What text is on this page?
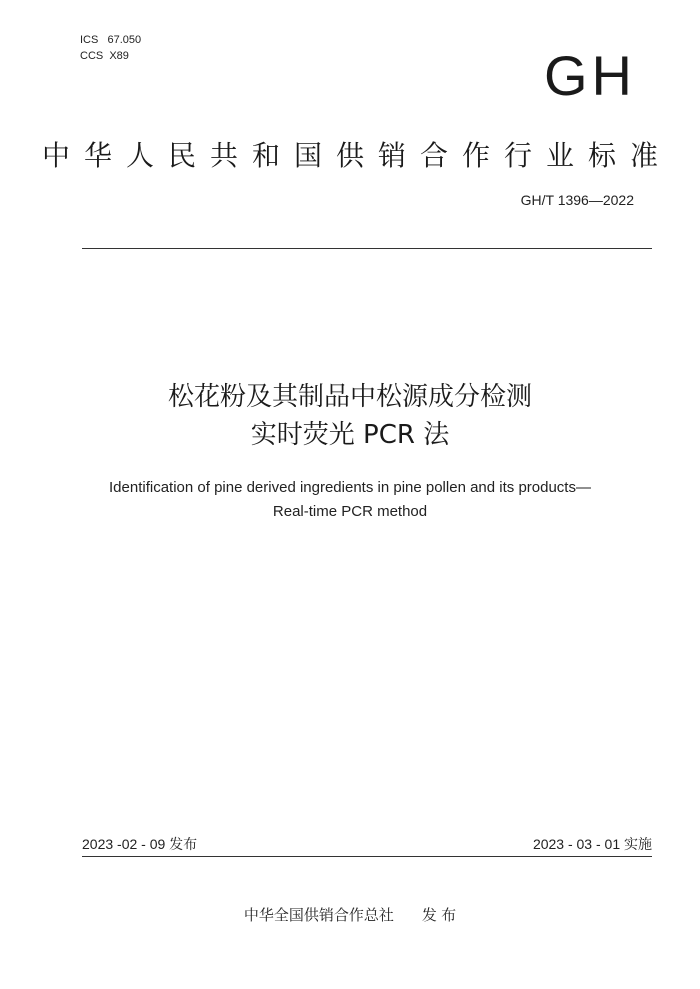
ICS   67.050
CCS  X89	GH
中华人民共和国供销合作行业标准
GH/T 1396—2022
松花粉及其制品中松源成分检测
实时荧光 PCR 法
Identification of pine derived ingredients in pine pollen and its products—
Real-time PCR method
2023 -02 - 09 发布	2023 - 03 - 01 实施
中华全国供销合作总社 发 布
